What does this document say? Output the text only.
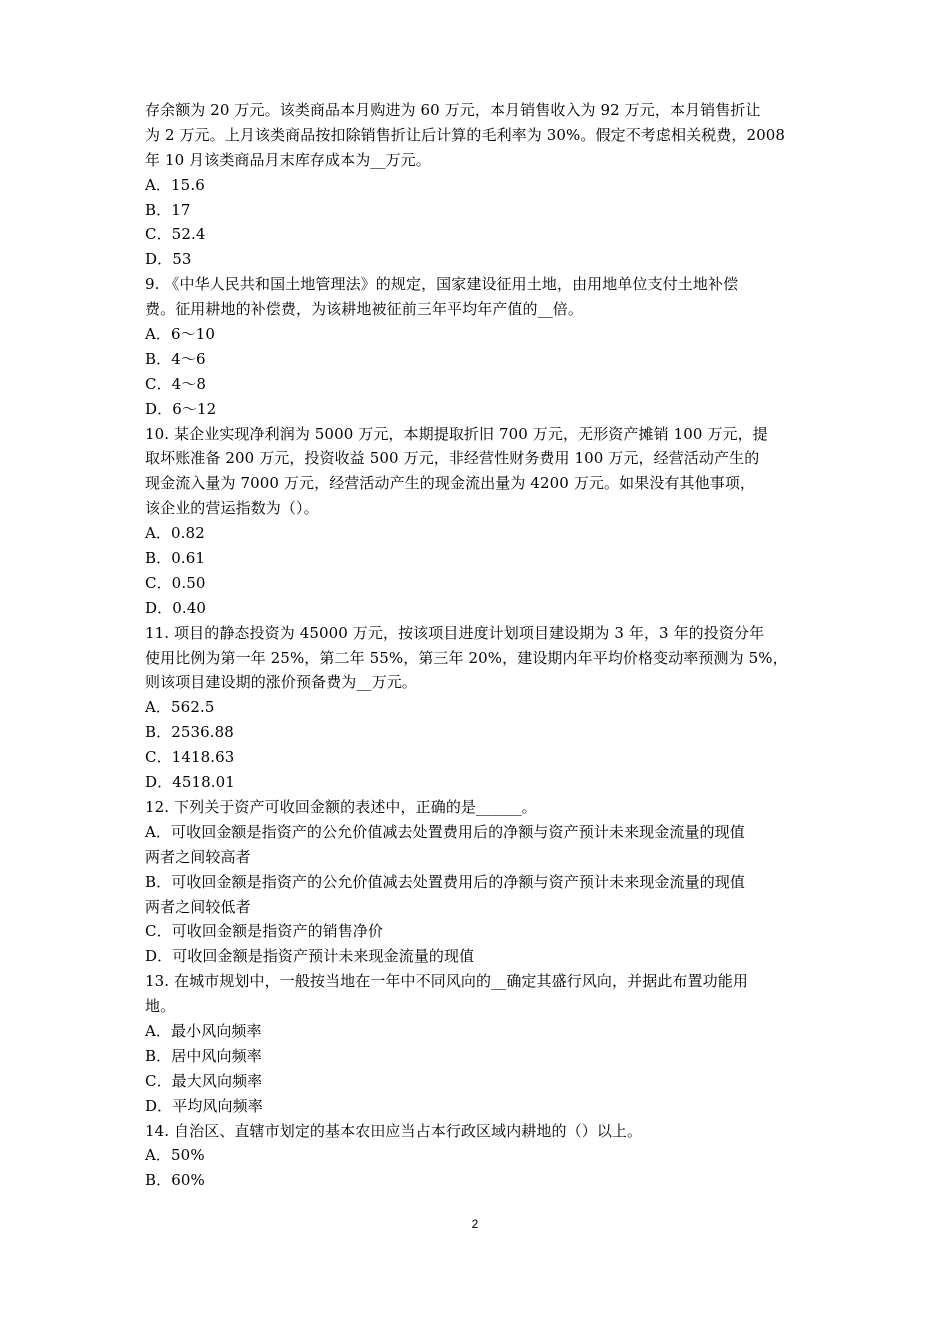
存余额为 20 万元。该类商品本月购进为 60 万元，本月销售收入为 92 万元，本月销售折让
为 2 万元。上月该类商品按扣除销售折让后计算的毛利率为 30%。假定不考虑相关税费，2008
年 10 月该类商品月末库存成本为__万元。
A．15.6
B．17
C．52.4
D．53
9. 《中华人民共和国土地管理法》的规定，国家建设征用土地，由用地单位支付土地补偿
费。征用耕地的补偿费，为该耕地被征前三年平均年产值的__倍。
A．6～10
B．4～6
C．4～8
D．6～12
10. 某企业实现净利润为 5000 万元，本期提取折旧 700 万元，无形资产摊销 100 万元，提
取坏账准备 200 万元，投资收益 500 万元，非经营性财务费用 100 万元，经营活动产生的
现金流入量为 7000 万元，经营活动产生的现金流出量为 4200 万元。如果没有其他事项，
该企业的营运指数为（）。
A．0.82
B．0.61
C．0.50
D．0.40
11. 项目的静态投资为 45000 万元，按该项目进度计划项目建设期为 3 年，3 年的投资分年
使用比例为第一年 25%，第二年 55%，第三年 20%，建设期内年平均价格变动率预测为 5%，
则该项目建设期的涨价预备费为__万元。
A．562.5
B．2536.88
C．1418.63
D．4518.01
12. 下列关于资产可收回金额的表述中，正确的是______。
A．可收回金额是指资产的公允价值减去处置费用后的净额与资产预计未来现金流量的现值
两者之间较高者
B．可收回金额是指资产的公允价值减去处置费用后的净额与资产预计未来现金流量的现值
两者之间较低者
C．可收回金额是指资产的销售净价
D．可收回金额是指资产预计未来现金流量的现值
13. 在城市规划中，一般按当地在一年中不同风向的__确定其盛行风向，并据此布置功能用
地。
A．最小风向频率
B．居中风向频率
C．最大风向频率
D．平均风向频率
14. 自治区、直辖市划定的基本农田应当占本行政区域内耕地的（）以上。
A．50%
B．60%
2
